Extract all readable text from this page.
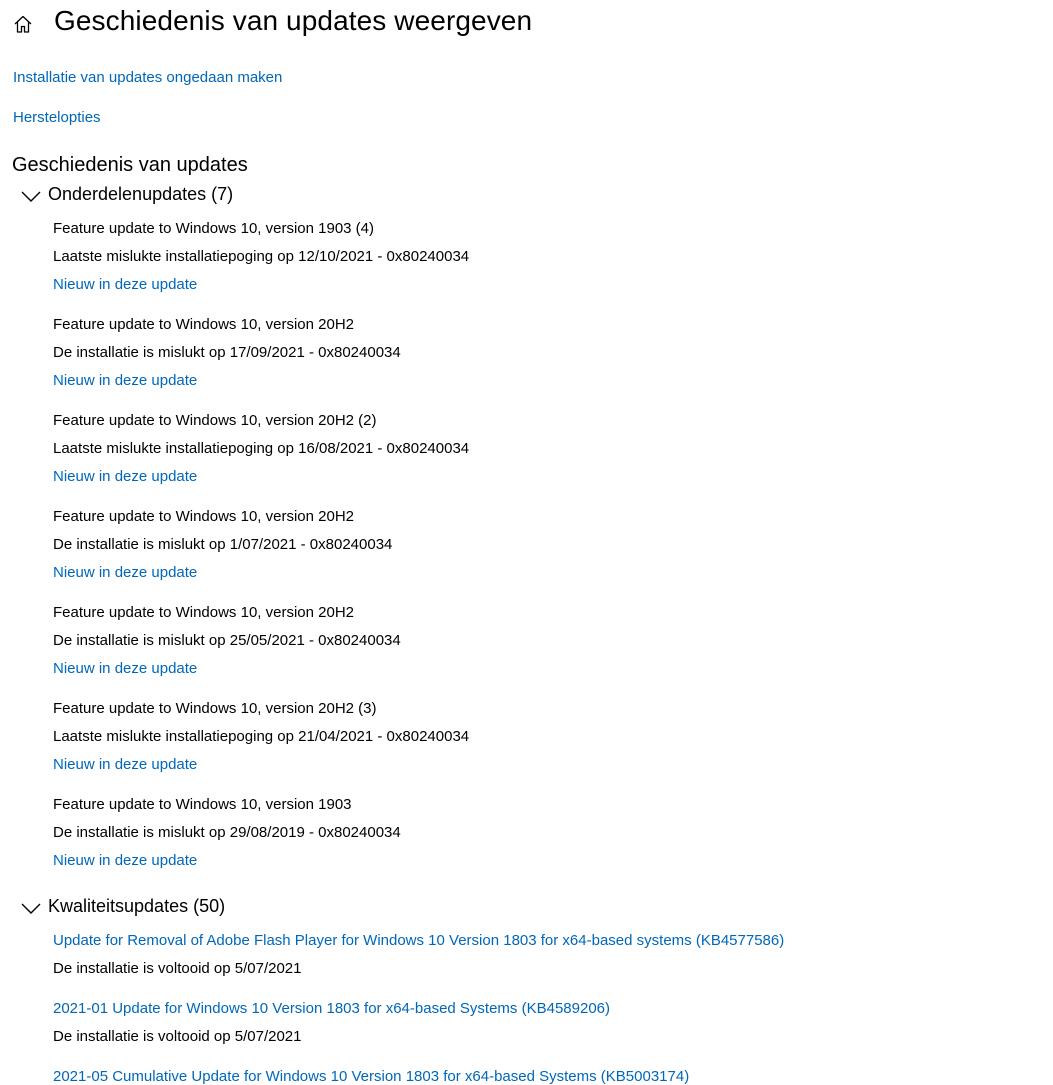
Geschiedenis van updates weergeven
Installatie van updates ongedaan maken
Herstelopties
Geschiedenis van updates
Onderdelenupdates (7)
Feature update to Windows 10, version 1903 (4)
Laatste mislukte installatiepoging op 12/10/2021 - 0x80240034
Nieuw in deze update
Feature update to Windows 10, version 20H2
De installatie is mislukt op 17/09/2021 - 0x80240034
Nieuw in deze update
Feature update to Windows 10, version 20H2 (2)
Laatste mislukte installatiepoging op 16/08/2021 - 0x80240034
Nieuw in deze update
Feature update to Windows 10, version 20H2
De installatie is mislukt op 1/07/2021 - 0x80240034
Nieuw in deze update
Feature update to Windows 10, version 20H2
De installatie is mislukt op 25/05/2021 - 0x80240034
Nieuw in deze update
Feature update to Windows 10, version 20H2 (3)
Laatste mislukte installatiepoging op 21/04/2021 - 0x80240034
Nieuw in deze update
Feature update to Windows 10, version 1903
De installatie is mislukt op 29/08/2019 - 0x80240034
Nieuw in deze update
Kwaliteitsupdates (50)
Update for Removal of Adobe Flash Player for Windows 10 Version 1803 for x64-based systems (KB4577586)
De installatie is voltooid op 5/07/2021
2021-01 Update for Windows 10 Version 1803 for x64-based Systems (KB4589206)
De installatie is voltooid op 5/07/2021
2021-05 Cumulative Update for Windows 10 Version 1803 for x64-based Systems (KB5003174)
